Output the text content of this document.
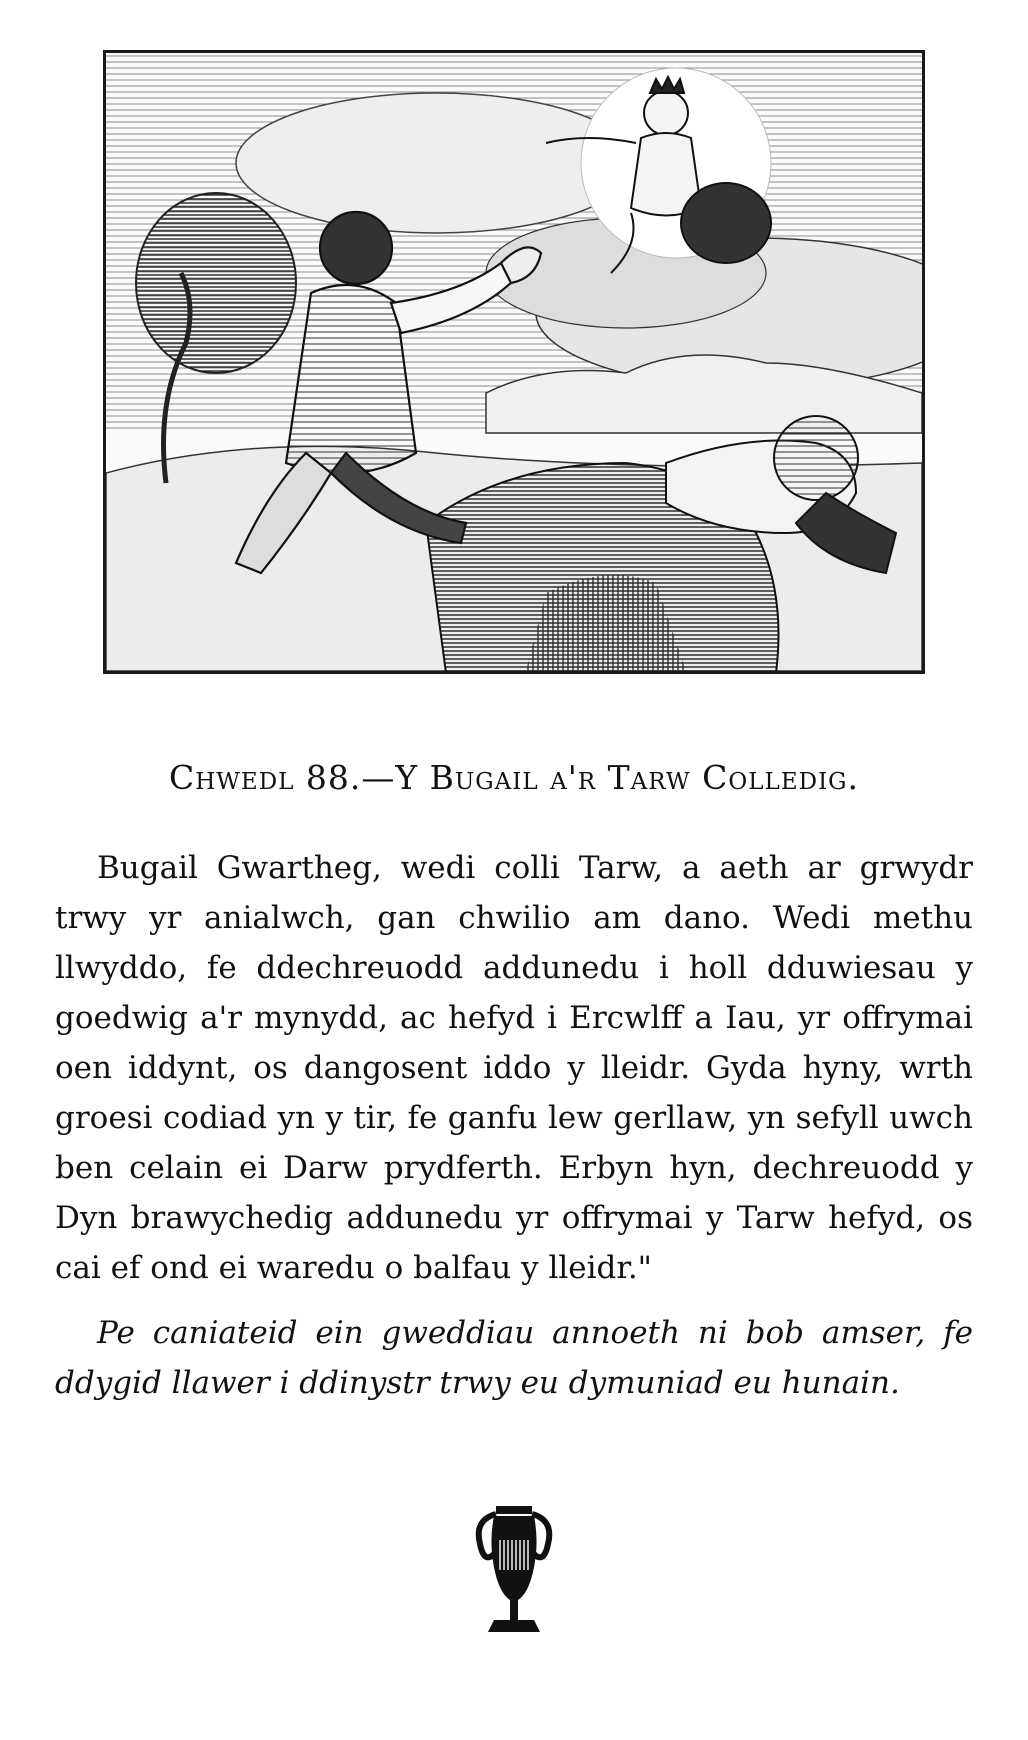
Chwedl 88.—Y Bugail a'r Tarw Colledig.

Bugail Gwartheg, wedi colli Tarw, a aeth ar grwydr trwy yr anialwch, gan chwilio am dano. Wedi methu llwyddo, fe ddechreuodd addunedu i holl dduwiesau y goedwig a'r mynydd, ac hefyd i Ercwlff a Iau, yr offrymai oen iddynt, os dangosent iddo y lleidr. Gyda hyny, wrth groesi codiad yn y tir, fe ganfu lew gerllaw, yn sefyll uwch ben celain ei Darw prydferth. Erbyn hyn, dechreuodd y Dyn brawychedig addunedu yr offrymai y Tarw hefyd, os cai ef ond ei waredu o balfau y lleidr."

Pe caniateid ein gweddiau annoeth ni bob amser, fe ddygid llawer i ddinystr trwy eu dymuniad eu hunain.
